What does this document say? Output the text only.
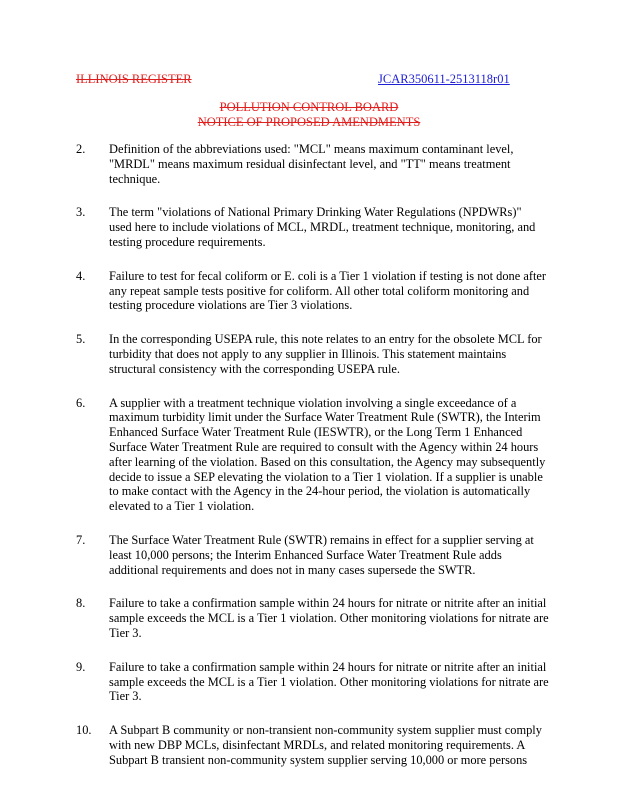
ILLINOIS REGISTER	JCAR350611-2513118r01
POLLUTION CONTROL BOARD
NOTICE OF PROPOSED AMENDMENTS
2. Definition of the abbreviations used: "MCL" means maximum contaminant level,
"MRDL" means maximum residual disinfectant level, and "TT" means treatment
technique.
3. The term "violations of National Primary Drinking Water Regulations (NPDWRs)"
used here to include violations of MCL, MRDL, treatment technique, monitoring, and
testing procedure requirements.
4. Failure to test for fecal coliform or E. coli is a Tier 1 violation if testing is not done after
any repeat sample tests positive for coliform. All other total coliform monitoring and
testing procedure violations are Tier 3 violations.
5. In the corresponding USEPA rule, this note relates to an entry for the obsolete MCL for
turbidity that does not apply to any supplier in Illinois. This statement maintains
structural consistency with the corresponding USEPA rule.
6. A supplier with a treatment technique violation involving a single exceedance of a
maximum turbidity limit under the Surface Water Treatment Rule (SWTR), the Interim
Enhanced Surface Water Treatment Rule (IESWTR), or the Long Term 1 Enhanced
Surface Water Treatment Rule are required to consult with the Agency within 24 hours
after learning of the violation. Based on this consultation, the Agency may subsequently
decide to issue a SEP elevating the violation to a Tier 1 violation. If a supplier is unable
to make contact with the Agency in the 24-hour period, the violation is automatically
elevated to a Tier 1 violation.
7. The Surface Water Treatment Rule (SWTR) remains in effect for a supplier serving at
least 10,000 persons; the Interim Enhanced Surface Water Treatment Rule adds
additional requirements and does not in many cases supersede the SWTR.
8. Failure to take a confirmation sample within 24 hours for nitrate or nitrite after an initial
sample exceeds the MCL is a Tier 1 violation. Other monitoring violations for nitrate are
Tier 3.
9. Failure to take a confirmation sample within 24 hours for nitrate or nitrite after an initial
sample exceeds the MCL is a Tier 1 violation. Other monitoring violations for nitrate are
Tier 3.
10. A Subpart B community or non-transient non-community system supplier must comply
with new DBP MCLs, disinfectant MRDLs, and related monitoring requirements. A
Subpart B transient non-community system supplier serving 10,000 or more persons
